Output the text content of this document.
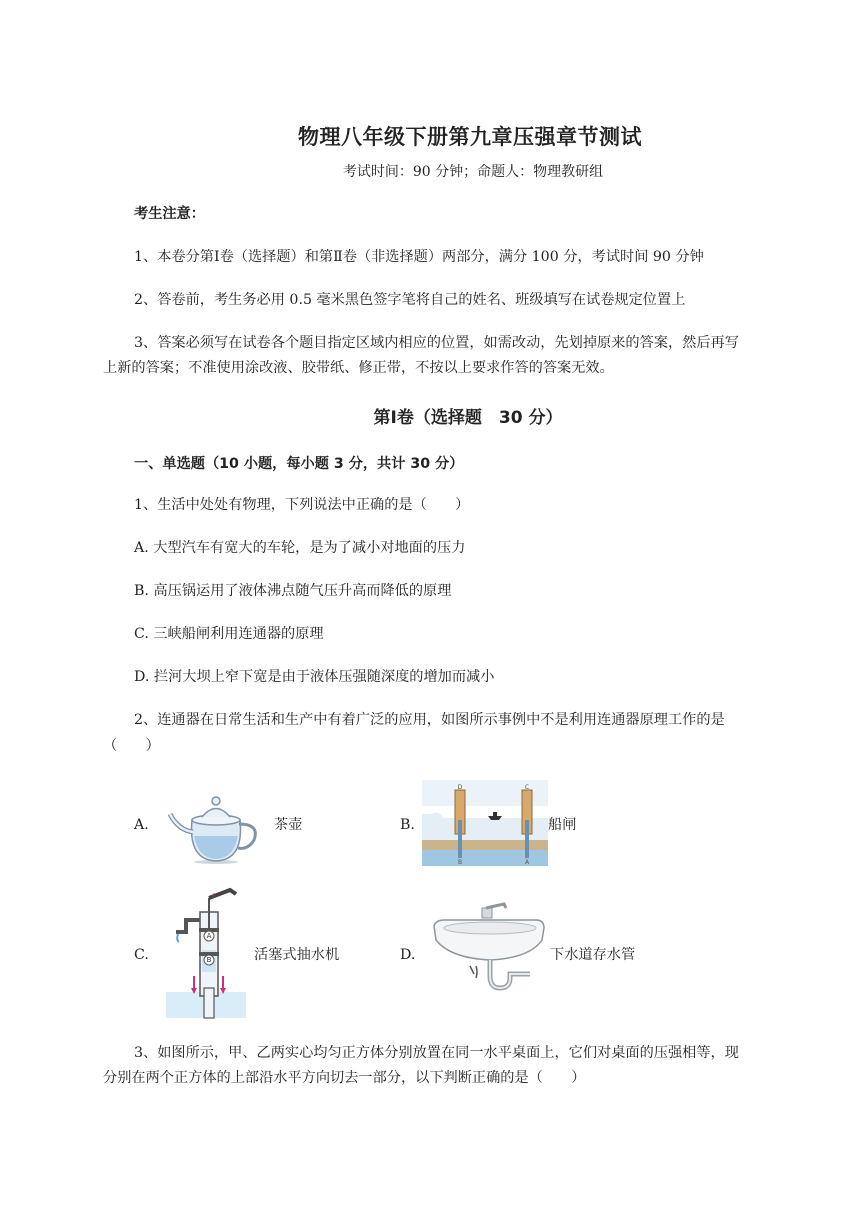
物理八年级下册第九章压强章节测试
考试时间：90 分钟；命题人：物理教研组
考生注意：
1、本卷分第Ⅰ卷（选择题）和第Ⅱ卷（非选择题）两部分，满分 100 分，考试时间 90 分钟
2、答卷前，考生务必用 0.5 毫米黑色签字笔将自己的姓名、班级填写在试卷规定位置上
3、答案必须写在试卷各个题目指定区域内相应的位置，如需改动，先划掉原来的答案，然后再写
上新的答案；不准使用涂改液、胶带纸、修正带，不按以上要求作答的答案无效。
第Ⅰ卷（选择题　30 分）
一、单选题（10 小题，每小题 3 分，共计 30 分）
1、生活中处处有物理，下列说法中正确的是（　　）
A. 大型汽车有宽大的车轮，是为了减小对地面的压力
B. 高压锅运用了液体沸点随气压升高而降低的原理
C. 三峡船闸利用连通器的原理
D. 拦河大坝上窄下宽是由于液体压强随深度的增加而减小
2、连通器在日常生活和生产中有着广泛的应用，如图所示事例中不是利用连通器原理工作的是
（　　）
A.	茶壶	B.
D	C
B	A
船闸
C.
A
B
F
活塞式抽水机	D.	下水道存水管
3、如图所示，甲、乙两实心均匀正方体分别放置在同一水平桌面上，它们对桌面的压强相等，现
分别在两个正方体的上部沿水平方向切去一部分，以下判断正确的是（　　）
